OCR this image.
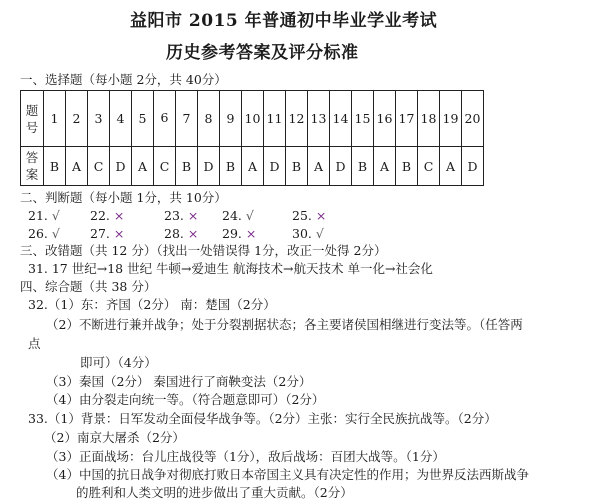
益阳市 2015 年普通初中毕业学业考试
历史参考答案及评分标准
一、选择题（每小题 2分，共 40分）
题
号	1	2	3	4	5	6	7	8	9	10	11	12	13	14	15	16	17	18	19	20
答
案	B	A	C	D	A	C	B	D	B	A	D	B	A	D	B	A	B	C	A	D
二、判断题（每小题 1分，共 10分）
21. √ 22. ×	23. × 24. √	25. ×
26. √ 27. ×	28. × 29. ×	30. √
三、改错题（共 12 分）（找出一处错误得 1分，改正一处得 2分）
31. 17 世纪→18 世纪 牛顿→爱迪生 航海技术→航天技术 单一化→社会化
四、综合题（共 38 分）
32.（1）东：齐国（2分） 南：楚国（2分）
（2）不断进行兼并战争；处于分裂割据状态；各主要诸侯国相继进行变法等。（任答两
点
即可）（4分）
（3）秦国（2分） 秦国进行了商鞅变法（2分）
（4）由分裂走向统一等。（符合题意即可）（2分）
33.（1）背景：日军发动全面侵华战争等。（2分）主张：实行全民族抗战等。（2分）
（2）南京大屠杀（2分）
（3）正面战场：台儿庄战役等（1分），敌后战场：百团大战等。（1分）
（4）中国的抗日战争对彻底打败日本帝国主义具有决定性的作用；为世界反法西斯战争
的胜利和人类文明的进步做出了重大贡献。（2分）
